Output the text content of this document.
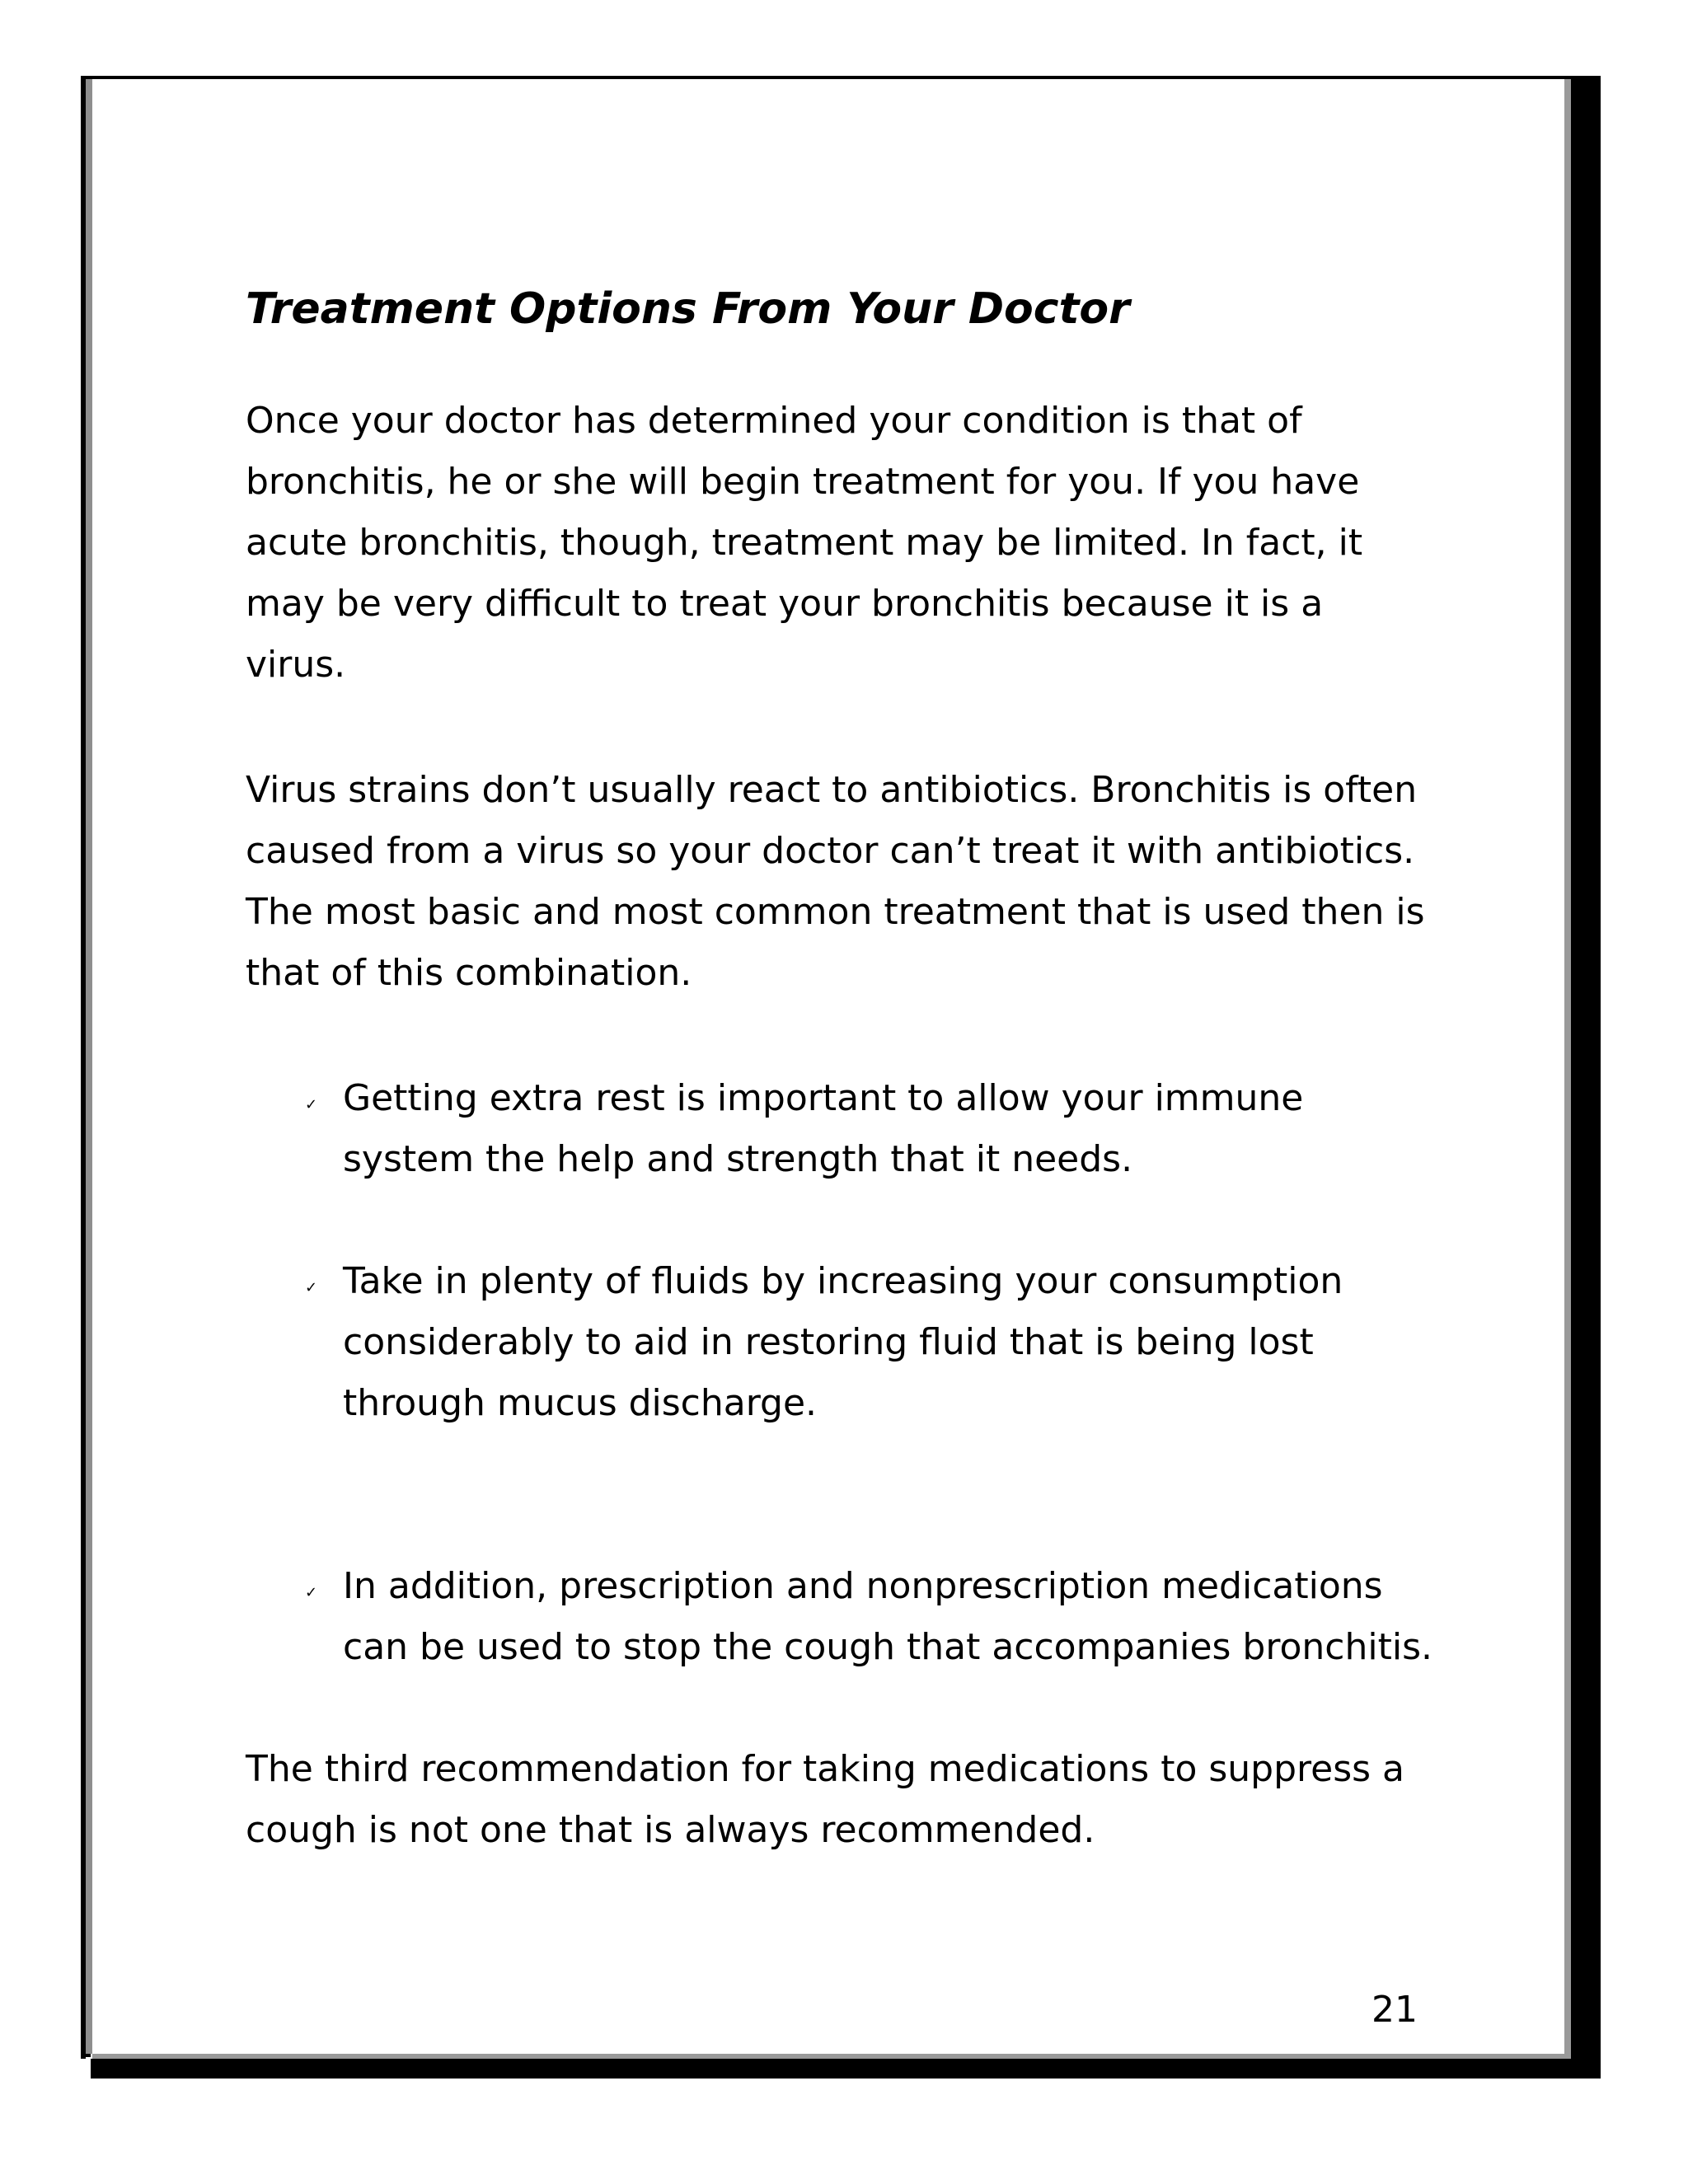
Treatment Options From Your Doctor

Once your doctor has determined your condition is that of bronchitis, he or she will begin treatment for you. If you have acute bronchitis, though, treatment may be limited. In fact, it may be very difficult to treat your bronchitis because it is a virus.

Virus strains don’t usually react to antibiotics. Bronchitis is often caused from a virus so your doctor can’t treat it with antibiotics. The most basic and most common treatment that is used then is that of this combination.

✓ Getting extra rest is important to allow your immune system the help and strength that it needs.
✓ Take in plenty of fluids by increasing your consumption considerably to aid in restoring fluid that is being lost through mucus discharge.
✓ In addition, prescription and nonprescription medications can be used to stop the cough that accompanies bronchitis.

The third recommendation for taking medications to suppress a cough is not one that is always recommended.

21
